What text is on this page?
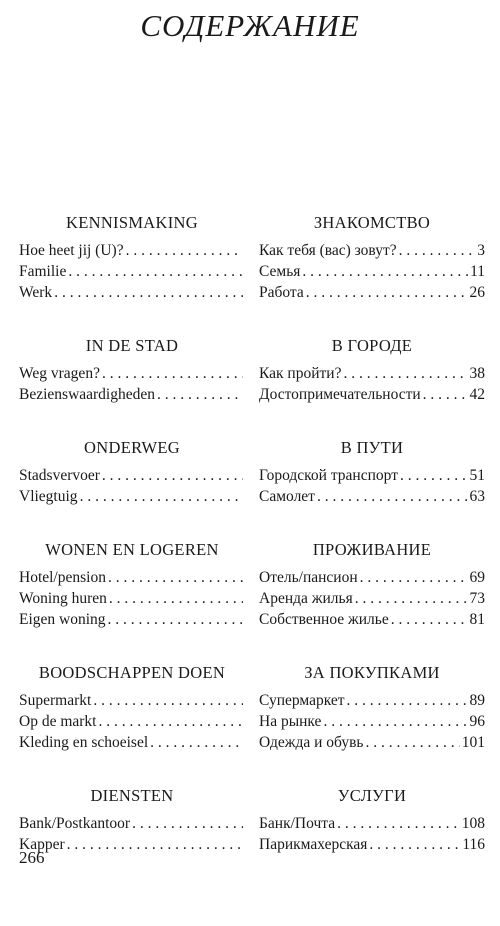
СОДЕРЖАНИЕ
KENNISMAKING
Hoe heet jij (U)?
. . .
Familie
. . .
Werk
. . .
ЗНАКОМСТВО
Как тебя (вас) зовут? . . .	3
Семья . . .	11
Работа . . .	26
IN DE STAD
Weg vragen?
. . .
Bezienswaardigheden
. . .
В ГОРОДЕ
Как пройти? . . .	38
Достопримечательности . . .	42
ONDERWEG
Stadsvervoer
. . .
Vliegtuig
. . .
В ПУТИ
Городской транспорт . . .	51
Самолет . . .	63
WONEN EN LOGEREN
Hotel/pension
. . .
Woning huren
. . .
Eigen woning
. . .
ПРОЖИВАНИЕ
Отель/пансион . . .	69
Аренда жилья . . .	73
Собственное жилье . . .	81
BOODSCHAPPEN DOEN
Supermarkt
. . .
Op de markt
. . .
Kleding en schoeisel
. . .
ЗА ПОКУПКАМИ
Супермаркет . . .	89
На рынке . . .	96
Одежда и обувь . . .	101
DIENSTEN
Bank/Postkantoor
. . .
Kapper
. . .
УСЛУГИ
Банк/Почта . . .	108
Парикмахерская . . .	116
266
